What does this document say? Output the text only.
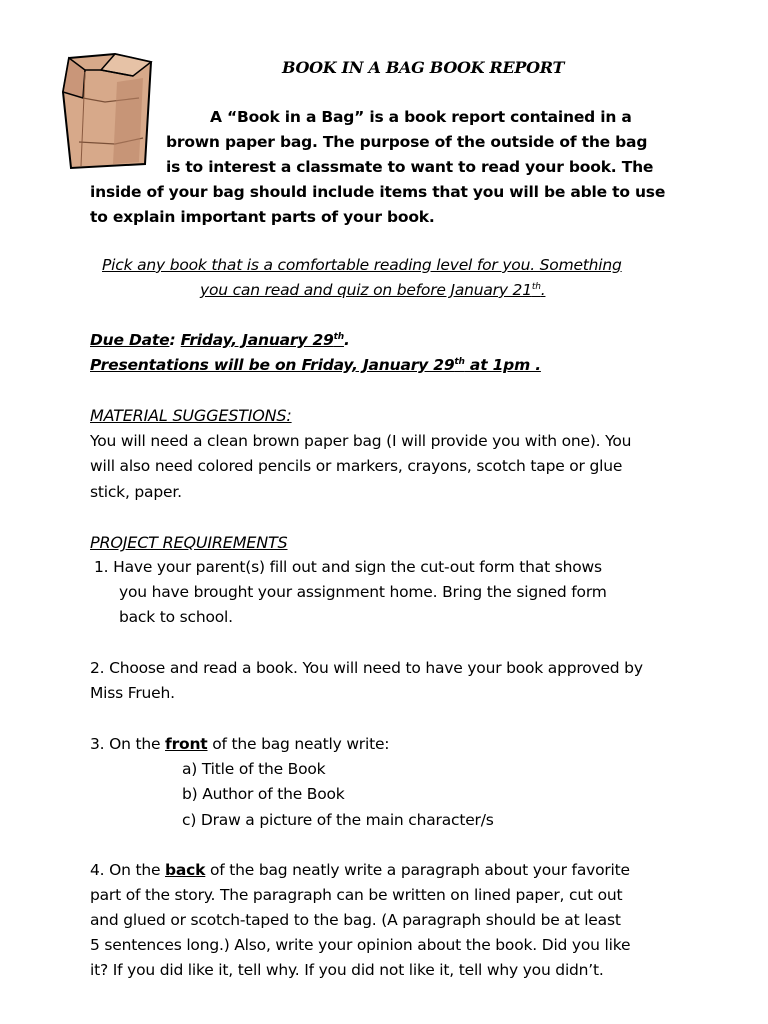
BOOK IN A BAG BOOK REPORT
A “Book in a Bag” is a book report contained in a
brown paper bag. The purpose of the outside of the bag
is to interest a classmate to want to read your book. The
inside of your bag should include items that you will be able to use
to explain important parts of your book.
Pick any book that is a comfortable reading level for you. Something
you can read and quiz on before January 21th.
Due Date: Friday, January 29th.
Presentations will be on Friday, January 29th at 1pm .
MATERIAL SUGGESTIONS:
You will need a clean brown paper bag (I will provide you with one). You
will also need colored pencils or markers, crayons, scotch tape or glue
stick, paper.
PROJECT REQUIREMENTS
1. Have your parent(s) fill out and sign the cut-out form that shows
you have brought your assignment home. Bring the signed form
back to school.
2. Choose and read a book. You will need to have your book approved by
Miss Frueh.
3. On the front of the bag neatly write:
a) Title of the Book
b) Author of the Book
c) Draw a picture of the main character/s
4. On the back of the bag neatly write a paragraph about your favorite
part of the story. The paragraph can be written on lined paper, cut out
and glued or scotch-taped to the bag. (A paragraph should be at least
5 sentences long.) Also, write your opinion about the book. Did you like
it? If you did like it, tell why. If you did not like it, tell why you didn’t.
